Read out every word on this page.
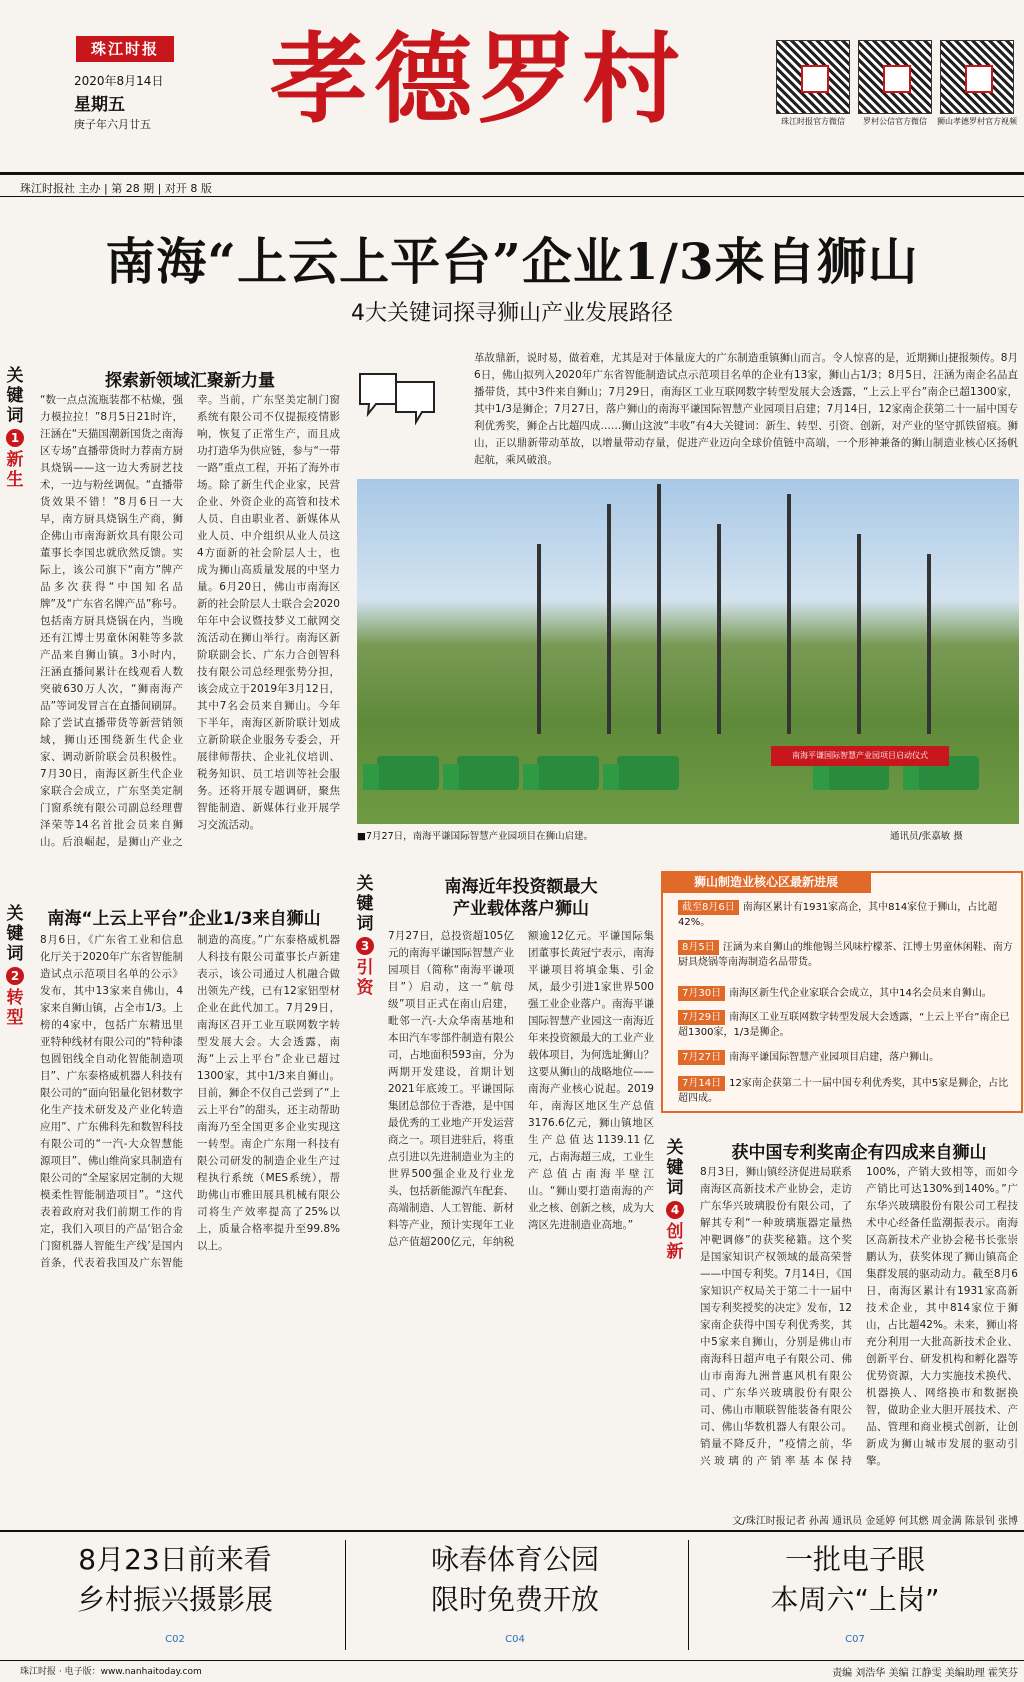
珠江时报
2020年8月14日
星期五
庚子年六月廿五 孝德罗村	珠江时报官方微信	罗村公信官方微信	狮山孝德罗村官方视频
珠江时报社 主办 | 第 28 期 | 对开 8 版
南海“上云上平台”企业1/3来自狮山
4大关键词探寻狮山产业发展路径
革故鼎新，说时易，做着难，尤其是对于体量庞大的广东制造重镇狮山而言。令人惊喜的是，近期狮山捷报频传。8月6日，佛山拟列入2020年广东省智能制造试点示范项目名单的企业有13家，狮山占1/3；8月5日，汪涵为南企名品直播带货，其中3件来自狮山；7月29日，南海区工业互联网数字转型发展大会透露，“上云上平台”南企已超1300家，其中1/3是狮企；7月27日，落户狮山的南海平谦国际智慧产业园项目启建；7月14日，12家南企获第二十一届中国专利优秀奖，狮企占比超四成……狮山这波“丰收”有4大关键词：新生、转型、引资、创新，对产业的坚守抓铁留痕。狮山，正以鼎新带动革故，以增量带动存量，促进产业迈向全球价值链中高端，一个形神兼备的狮山制造业核心区扬帆起航，乘风破浪。
关键词
1
新生
探索新领域汇聚新力量
“数一点点流瓶装都不枯燥，强力模拉拉！”8月5日21时许，汪涵在“天猫国潮新国货之南海区专场”直播带货时力荐南方厨具烧锅——这一边大秀厨艺技术，一边与粉丝调侃。“直播带货效果不错！”8月6日一大早，南方厨具烧锅生产商，狮企佛山市南海新炊具有限公司董事长李国忠就欣然反馈。实际上，该公司旗下“南方”牌产品多次获得“中国知名品牌”及“广东省名牌产品”称号。包括南方厨具烧锅在内，当晚还有江博士男童休闲鞋等多款产品来自狮山镇。3小时内，汪涵直播间累计在线观看人数突破630万人次，“狮南海产品”等词发冒言在直播间刷屏。除了尝试直播带货等新营销领域，狮山还围绕新生代企业家、调动新阶联会员积极性。7月30日，南海区新生代企业家联合会成立，广东坚美定制门窗系统有限公司副总经理曹泽荣等14名首批会员来自狮山。后浪崛起，是狮山产业之幸。当前，广东坚美定制门窗系统有限公司不仅提振疫情影响，恢复了正常生产，而且成功打造华为供应链，参与“一带一路”重点工程，开拓了海外市场。除了新生代企业家，民营企业、外资企业的高管和技术人员、自由职业者、新媒体从业人员、中介组织从业人员这4方面新的社会阶层人士，也成为狮山高质量发展的中坚力量。6月20日，佛山市南海区新的社会阶层人士联合会2020年年中会议暨技梦义工献网交流活动在狮山举行。南海区新阶联副会长、广东力合创智科技有限公司总经理张势分担，该会成立于2019年3月12日，其中7名会员来自狮山。今年下半年，南海区新阶联计划成立新阶联企业服务专委会，开展律师帮扶、企业礼仪培训、税务知识、员工培训等社会服务。还将开展专题调研，聚焦智能制造、新媒体行业开展学习交流活动。
南海平谦国际智慧产业园项目启动仪式
■7月27日，南海平谦国际智慧产业园项目在狮山启建。	通讯员/张嘉敏 摄
关键词
2
转型
南海“上云上平台”企业1/3来自狮山
8月6日，《广东省工业和信息化厅关于2020年广东省智能制造试点示范项目名单的公示》发布，其中13家来自佛山，4家来自狮山镇，占全市1/3。上榜的4家中，包括广东精迅里亚特种线材有限公司的“特种漆包圆铝线全自动化智能制造项目”、广东泰格威机器人科技有限公司的“面向铝量化铝材数字化生产技术研发及产业化转造应用”、广东佛科先和数智科技有限公司的“一汽-大众智慧能源项目”、佛山维尚家具制造有限公司的“全屋家居定制的大规模柔性智能制造项目”。“这代表着政府对我们前期工作的肯定，我们入项目的产品‘铝合金门窗机器人智能生产线’是国内首条，代表着我国及广东智能制造的高度。”广东泰格威机器人科技有限公司董事长卢新建表示，该公司通过人机融合做出领先产线，已有12家铝型材企业在此代加工。7月29日，南海区召开工业互联网数字转型发展大会。大会透露，南海“上云上平台”企业已超过1300家，其中1/3来自狮山。目前，狮企不仅自己尝到了“上云上平台”的甜头，还主动帮助南海乃至全国更多企业实现这一转型。南企广东翔一科技有限公司研发的制造企业生产过程执行系统（MES系统），帮助佛山市雅田展具机械有限公司将生产效率提高了25%以上，质量合格率提升至99.8%以上。
关键词
3
引资
南海近年投资额最大
产业载体落户狮山
7月27日，总投资超105亿元的南海平谦国际智慧产业园项目（简称“南海平谦项目”）启动，这一“航母级”项目正式在南山启建，毗邻一汽-大众华南基地和本田汽车零部件制造有限公司，占地面积593亩，分为两期开发建设，首期计划2021年底竣工。平谦国际集团总部位于香港，是中国最优秀的工业地产开发运营商之一。项目进驻后，将重点引进以先进制造业为主的世界500强企业及行业龙头，包括新能源汽车配套、高端制造、人工智能、新材料等产业，预计实现年工业总产值超200亿元，年纳税额逾12亿元。平谦国际集团董事长黄冠宁表示，南海平谦项目将填金集、引金凤，最少引进1家世界500强工业企业落户。南海平谦国际智慧产业园这一南海近年来投资额最大的工业产业载体项目，为何选址狮山？这要从狮山的战略地位——南海产业核心说起。2019年，南海区地区生产总值3176.6亿元，狮山镇地区生产总值达1139.11亿元，占南海超三成，工业生产总值占南海半壁江山。“狮山要打造南海的产业之核、创新之核，成为大湾区先进制造业高地。”
狮山制造业核心区最新进展
截至8月6日 南海区累计有1931家高企，其中814家位于狮山，占比超42%。
8月5日 汪涵为来自狮山的维他锡兰风味柠檬茶、江博士男童休闲鞋、南方厨具烧锅等南海制造名品带货。
7月30日 南海区新生代企业家联合会成立，其中14名会员来自狮山。
7月29日 南海区工业互联网数字转型发展大会透露，“上云上平台”南企已超1300家，1/3是狮企。
7月27日 南海平谦国际智慧产业园项目启建，落户狮山。
7月14日 12家南企获第二十一届中国专利优秀奖，其中5家是狮企，占比超四成。
关键词
4
创新
获中国专利奖南企有四成来自狮山
8月3日，狮山镇经济促进局联系南海区高新技术产业协会，走访广东华兴玻璃股份有限公司，了解其专利“一种玻璃瓶器定量热冲靶调修”的获奖秘籍。这个奖是国家知识产权领域的最高荣誉——中国专利奖。7月14日，《国家知识产权局关于第二十一届中国专利奖授奖的决定》发布，12家南企获得中国专利优秀奖，其中5家来自狮山，分别是佛山市南海科日超声电子有限公司、佛山市南海九洲普惠风机有限公司、广东华兴玻璃股份有限公司、佛山市顺联智能装备有限公司、佛山华数机器人有限公司。销量不降反升，“疫情之前，华兴玻璃的产销率基本保持100%，产销大致相等，而如今产销比可达130%到140%。”广东华兴玻璃股份有限公司工程技术中心经备任监潮振表示。南海区高新技术产业协会秘书长张崇鹏认为，获奖体现了狮山镇高企集群发展的驱动动力。截至8月6日，南海区累计有1931家高新技术企业，其中814家位于狮山，占比超42%。未来，狮山将充分利用一大批高新技术企业、创新平台、研发机构和孵化器等优势资源，大力实施技术换代、机器换人、网络换市和数据换智，做助企业大胆开展技术、产品、管理和商业模式创新，让创新成为狮山城市发展的驱动引擎。
文/珠江时报记者 孙茜 通讯员 金延婷 何其燃 周金满 陈景钊 张博
8月23日前来看
乡村振兴摄影展
C02
咏春体育公园
限时免费开放
C04
一批电子眼
本周六“上岗”
C07
珠江时报 · 电子版：www.nanhaitoday.com	责编 刘浩华 美编 江静雯 美编助理 霍笑芬
